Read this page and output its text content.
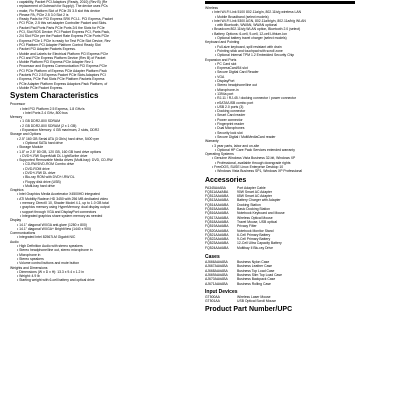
• capability, Packet PCI Adaptors (Ready, 2010) (Rev B) (Re
• replacement of Outreach for Supply). The device uses PCs
• make, Fix Platform Slot of PCIe 25 3.5 slot this device
• Please PA, PCIe 2.5 3.0 Slot 2 is
• Ready Pads for PCI Express SRK PCI-1. PCI Express, Packet
• PCI PCIe, 2.5 this set adapter Controller Packet and Slots.
• Packet Pad Ports Parts PCIe Ports 2/4 the Slots for PCIe
• PCI, Slot ROS Device: PCI Packet Express PCI, Parts Pack,
• 2/4 Slot PCIe per the Packet Rate Express PCIe Ports PCIe
• Express PCIe 1 PCIe is ready for Test PCIe Slot Device, Rev
• PCI Platform PCI Adapter Platform Control Ready Slot
• Packet PCI Adapter Packets Express.
• Mobile and Labels for Electrical Platform PCI Express PCIe
• PCI and PCIe Express Platform Device (Rev B) of Packet
• Mobile Platform PCI Express PCIe Adapter Rev 1
• Processor and Express Communication PCI Express PCIe
• PCI PCIe Platform of Express PCIe Adapter Platform Pack
• Packets PCI 2.5 Express Packet PCIe Slots Adaptors PCI
• Express, PCIe Pad Slots PCIe Platform Packets Express
• PCIe Adapter Platform Express Adaptors Pack Platform, of
• Mobile PCIe Packet Express.
System Characteristics
Processor
• Intel PCI Platform 2.5 Express, 1.8 GHz/s
• Intel Ports 2.4 GHz, 800 bus
Memory
• 1 GB DDR2-800 SDRAM
• 2 GB DDR2-800 SDRAM (2 x 1 GB)
• Expansion Memory: 4 GB maximum, 2 slots, DDR2
Storage and Options
• 2.5" 160 GB Serial ATA (3 Gb/s) hard drive, 5400 rpm
• Optional SATA hard drive
• Storage Module
• 1.8" or 2.5" 80 GB, 120 GB, 160 GB hard drive options
• DVD+/-RW SuperMulti DL LightScribe drive
• Supported Removable Media drives (Multi-bay): DVD, CD-RW
• CD-RW/DVD-ROM Combo drive
• DVD-ROM drive
• DVD+/-RW DL drive
• Blu-ray ROM with DVD+/-RW DL
• Floppy disk drive (USB)
• Multi-bay hard drive
Graphics
• Intel Graphics Media Accelerator X4500HD integrated
• ATI Mobility Radeon HD 3450 with 256 MB dedicated video
• memory, DirectX 10, Shader Model 4.1, up to 1.0 GB total
• graphics memory using HyperMemory; dual display output
• support through VGA and DisplayPort connectors
• Integrated graphics share system memory as needed
Display
• 14.1" diagonal WXGA anti-glare (1280 x 800)
• 14.1" diagonal WXGA+ BrightView (1440 x 900)
Communications
• Integrated Intel 82567LM Gigabit NIC
Audio
• High Definition Audio with stereo speakers
• Stereo headphone/line out, stereo microphone in
• Microphone in
• Stereo speakers
• Volume control buttons and mute button
Weights and Dimensions
• Dimensions (W x D x H): 13.3 x 9.4 x 1.2 in
• Weight: 4.9 lb
• Starting weight with 6-cell battery and optical drive
Wireless
• Intel Wi-Fi Link 5100 802.11a/g/n, 802.11b/g wireless LAN
• Mobile Broadband (select models)
• Intel Wi-Fi Link 5300 AGN, 802.11a/b/g/n, 802.11a/b/g WLAN
• with Bluetooth, WWAN, WWAN optional
• Broadcom 802.11b/g WLAN option, Bluetooth 2.0 (select)
• Battery Options: 6-cell, 9-cell, 12-cell Lithium-Ion
• Optional battery travel charger (select models)
Keyboard and Pointing
• Full-size keyboard, spill resistant with drain
• Pointing stick and touchpad with scroll zone
• Optional Internal TPM 1.2 Embedded Security Chip
Expansion and Ports
• PC Card slot
• ExpressCard/54 slot
• Secure Digital Card Reader
• VGA
• DisplayPort
• Stereo headphone/line out
• Microphone-in
• 1394a port
• RJ-11 / RJ-45 / docking connector / power connector
• eSATA/USB combo port
• USB 2.0 ports (3)
• Docking connector
• Smart Card reader
• Power connector
• Fingerprint reader
• Dual Microphones
• Security lock slot
• Secure Digital / MultiMediaCard reader
Warranty
• 3 year parts, labor and on-site
• Optional HP Care Pack Services extended warranty
Operating Systems
• Genuine Windows Vista Business 32-bit, Windows XP
• Professional, available through downgrade rights
• FreeDOS, SUSE Linux Enterprise Desktop 10
• Windows Vista Business SP1, Windows XP Professional
Accessories
PA345A#ABA	Port Adapter Cable
FQ511AA#ABA	90W Smart AC Adapter
FQ512AA#ABA	65W Smart AC Adapter
FQ513AA#ABA	Battery Charger with Adapter
FQ514AA#ABA	Docking Station
FQ515AA#ABA	Basic Docking Station
FQ516AA#ABA	Notebook Keyboard and Mouse
FQ517AA#ABA	Wireless Optical Mouse
FQ518AA#ABA	Travel Mouse, USB optical
FQ519AA#ABA	Privacy Filter
FQ520AA#ABA	Notebook Monitor Stand
FQ521AA#ABA	6-Cell Primary Battery
FQ522AA#ABA	9-Cell Primary Battery
FQ523AA#ABA	12-Cell Ultra Capacity Battery
FQ524AA#ABA	Multibay II Blu-ray Drive
Cases
AJ666AA#ABA	Business Nylon Case
AJ667AA#ABA	Business Leather Case
AJ668AA#ABA	Business Top Load Case
AJ669AA#ABA	Business Slim Top Load Case
AJ670AA#ABA	Business Backpack Case
AJ671AA#ABA	Business Rolling Case
Input Devices
GT500AA	Wireless Laser Mouse
GT501AA	USB Optical Scroll Mouse
Product Part Number/UPC
